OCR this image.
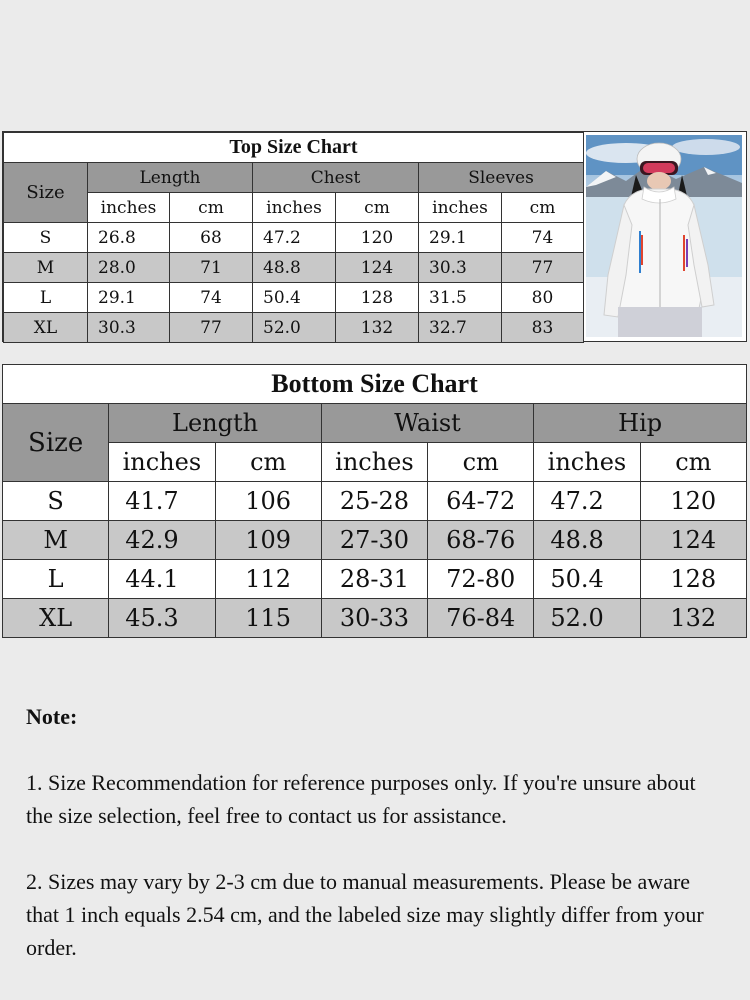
Top Size Chart						
Size	Length		Chest		Sleeves	
	inches	cm	inches	cm	inches	cm
S	26.8	68	47.2	120	29.1	74
M	28.0	71	48.8	124	30.3	77
L	29.1	74	50.4	128	31.5	80
XL	30.3	77	52.0	132	32.7	83
Bottom Size Chart						
Size	Length		Waist		Hip	
	inches	cm	inches	cm	inches	cm
S	41.7	106	25-28	64-72	47.2	120
M	42.9	109	27-30	68-76	48.8	124
L	44.1	112	28-31	72-80	50.4	128
XL	45.3	115	30-33	76-84	52.0	132
Note:

1. Size Recommendation for reference purposes only. If you're unsure about the size selection, feel free to contact us for assistance.

2. Sizes may vary by 2-3 cm due to manual measurements. Please be aware that 1 inch equals 2.54 cm, and the labeled size may slightly differ from your order.
